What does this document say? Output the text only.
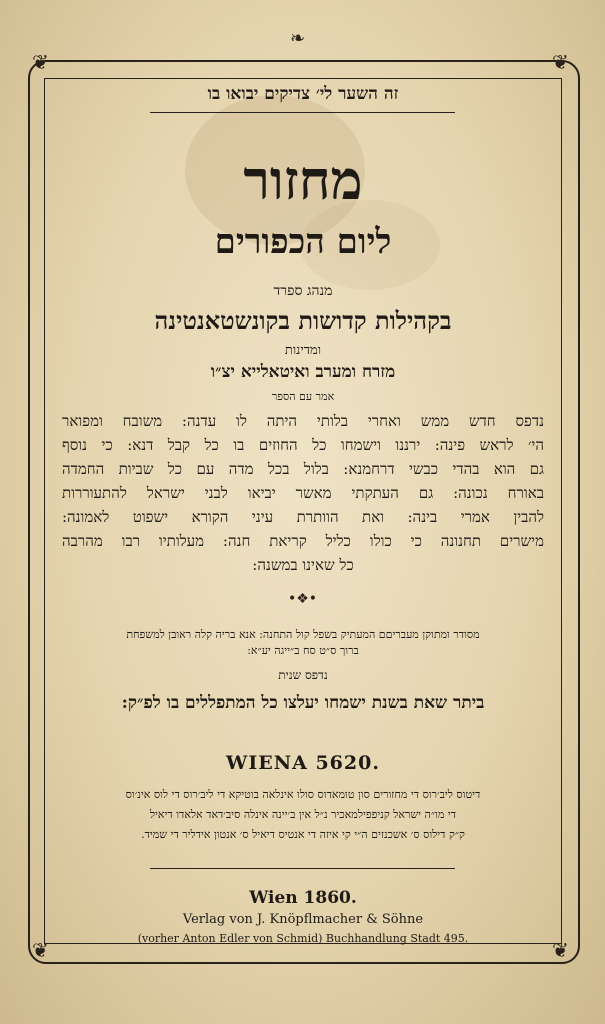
❦	❦
❦	❦
❧
זה השער לי׳ צדיקים יבואו בו
מחזור
ליום הכפורים
מנהג ספרד
בקהילות קדושות בקונשטאנטינה
ומדינות
מזרח ומערב ואיטאלייא יצ״ו
אמר עם הספר
נדפס חדש ממש ואחרי בלותי היתה לו עדנה: משובח ומפואר
הי׳ לראש פינה: ירננו וישמחו כל החוזים בו כל קבל דנא: כי נוסף
גם הוא בהדי כבשי דרחמנא: בלול בכל מדה עם כל שביות החמדה
באורח נכונה: גם העתקתי מאשר יביאו לבני ישראל להתעוררות
להבין אמרי בינה: ואת הוותרת עיני הקורא ישפוט לאמונה:
מישרים תחנונה כי כולו כליל קריאת חנה: מעלותיו רבו מהרבה
כל שאינו במשנה:
•❖•
מסודר ומתוקן מעבריםם המעתיק בשפל קול התחנה: אנא בריה קלה ראובן למשפחת
ברוך ס״ט סח ב״ייגה יע״א:
נדפס שנית
ביתר שאת בשנת ישמחו יעלצו כל המתפללים בו לפ״ק:
WIENA 5620.
דיטוס ליב׳רוס די מחזורים סון טומאדוס סולו אינלאה בוטיקא די ליב׳רוס די לוס אינ׳וס
די מו״ה ישראל קניפפילמאכיר נ״ל אין ב׳יינה אינלה סיב׳דאד אלאדו דיאיל
ק״ק דילוס ס׳ אשכנזים ה״י קי איזה די אנטיס דיאיל ס׳ אנטון אידליר די שמיד.
Wien 1860.
Verlag von J. Knöpflmacher & Söhne
(vorher Anton Edler von Schmid) Buchhandlung Stadt 495.
